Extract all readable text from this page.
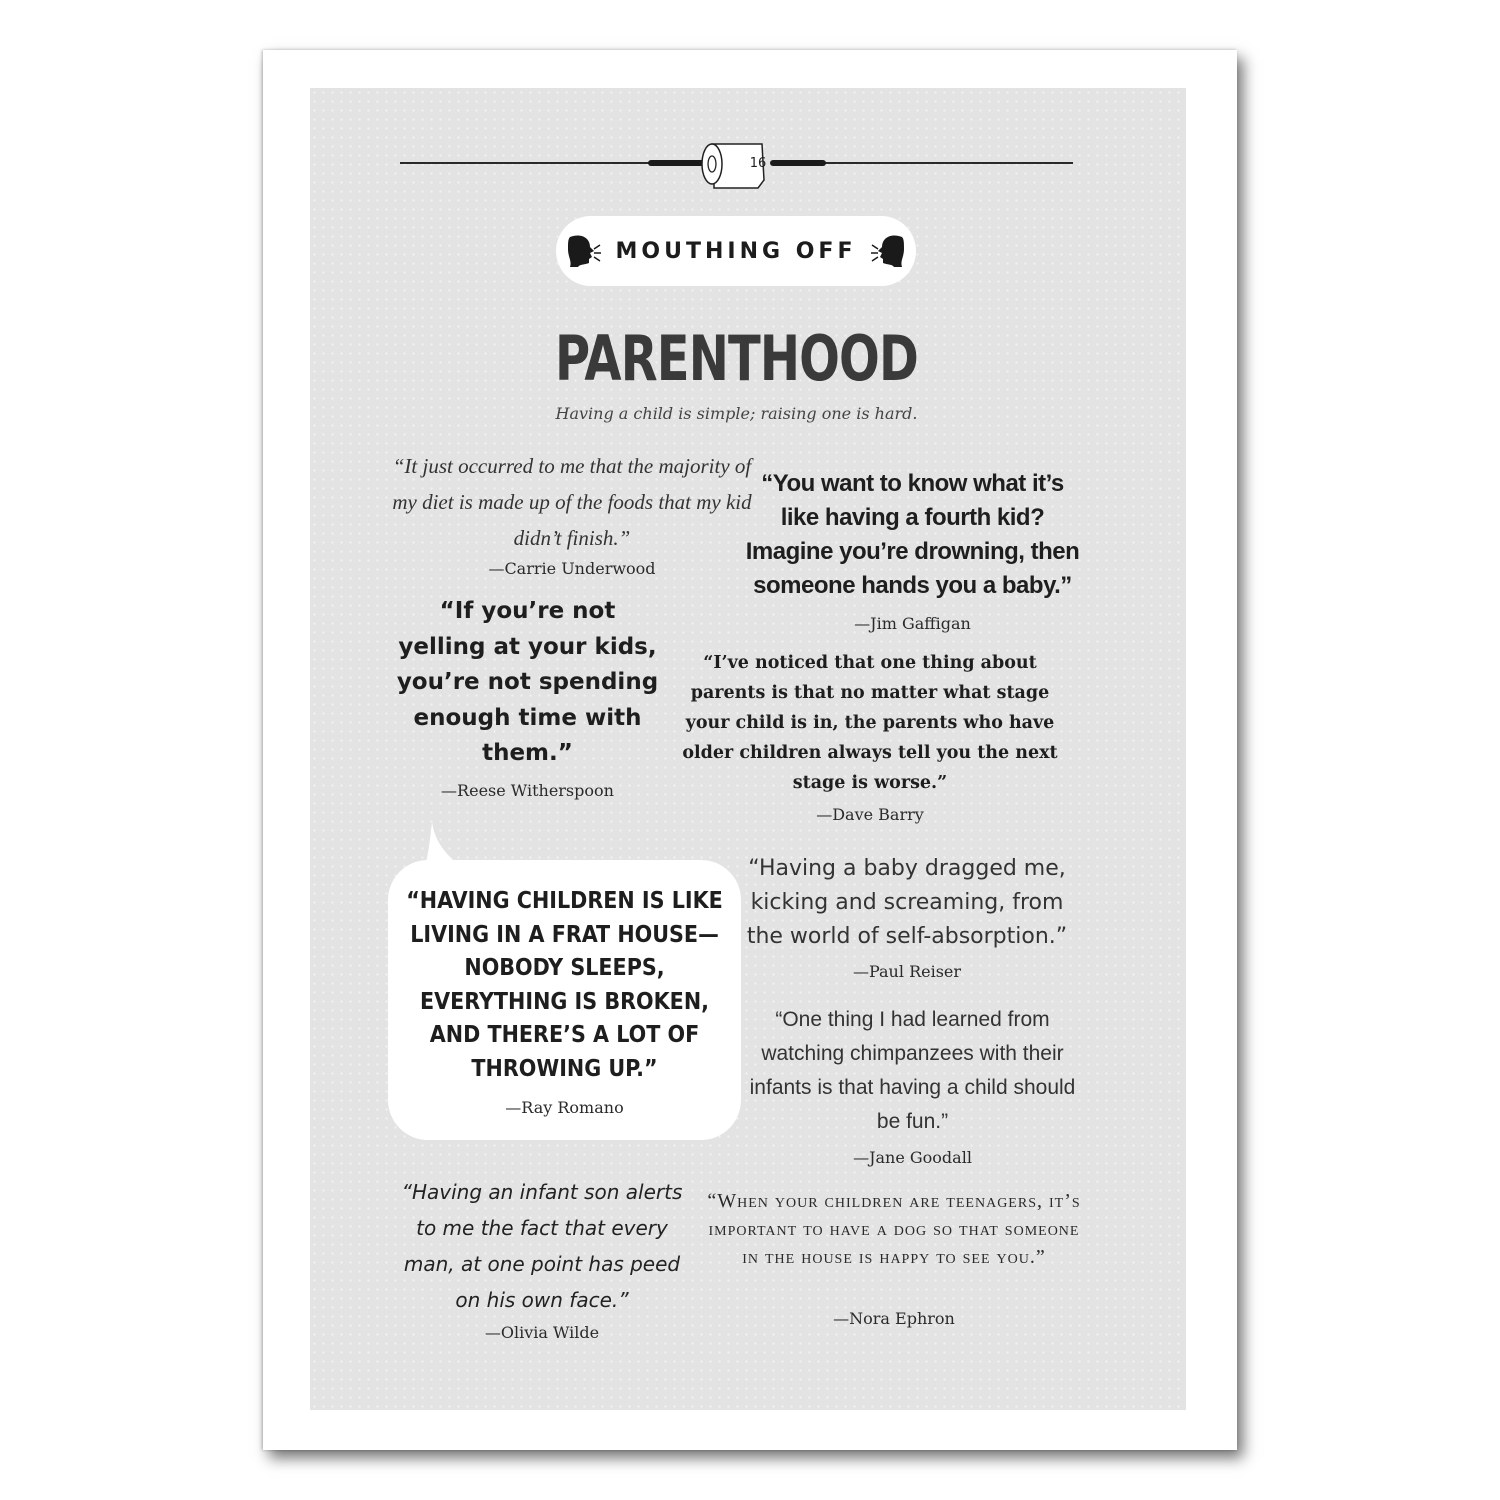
16
MOUTHING OFF
PARENTHOOD
Having a child is simple; raising one is hard.
“It just occurred to me that the majority of my diet is made up of the foods that my kid didn’t finish.”
—Carrie Underwood
“You want to know what it’s like having a fourth kid? Imagine you’re drowning, then someone hands you a baby.”
—Jim Gaffigan
“If you’re not yelling at your kids, you’re not spending enough time with them.”
—Reese Witherspoon
“I’ve noticed that one thing about parents is that no matter what stage your child is in, the parents who have older children always tell you the next stage is worse.”
—Dave Barry
“HAVING CHILDREN IS LIKE LIVING IN A FRAT HOUSE—NOBODY SLEEPS, EVERYTHING IS BROKEN, AND THERE’S A LOT OF THROWING UP.”
—Ray Romano
“Having a baby dragged me, kicking and screaming, from the world of self-absorption.”
—Paul Reiser
“One thing I had learned from watching chimpanzees with their infants is that having a child should be fun.”
—Jane Goodall
“Having an infant son alerts to me the fact that every man, at one point has peed on his own face.”
—Olivia Wilde
“When your children are teenagers, it’s important to have a dog so that someone in the house is happy to see you.”
—Nora Ephron
